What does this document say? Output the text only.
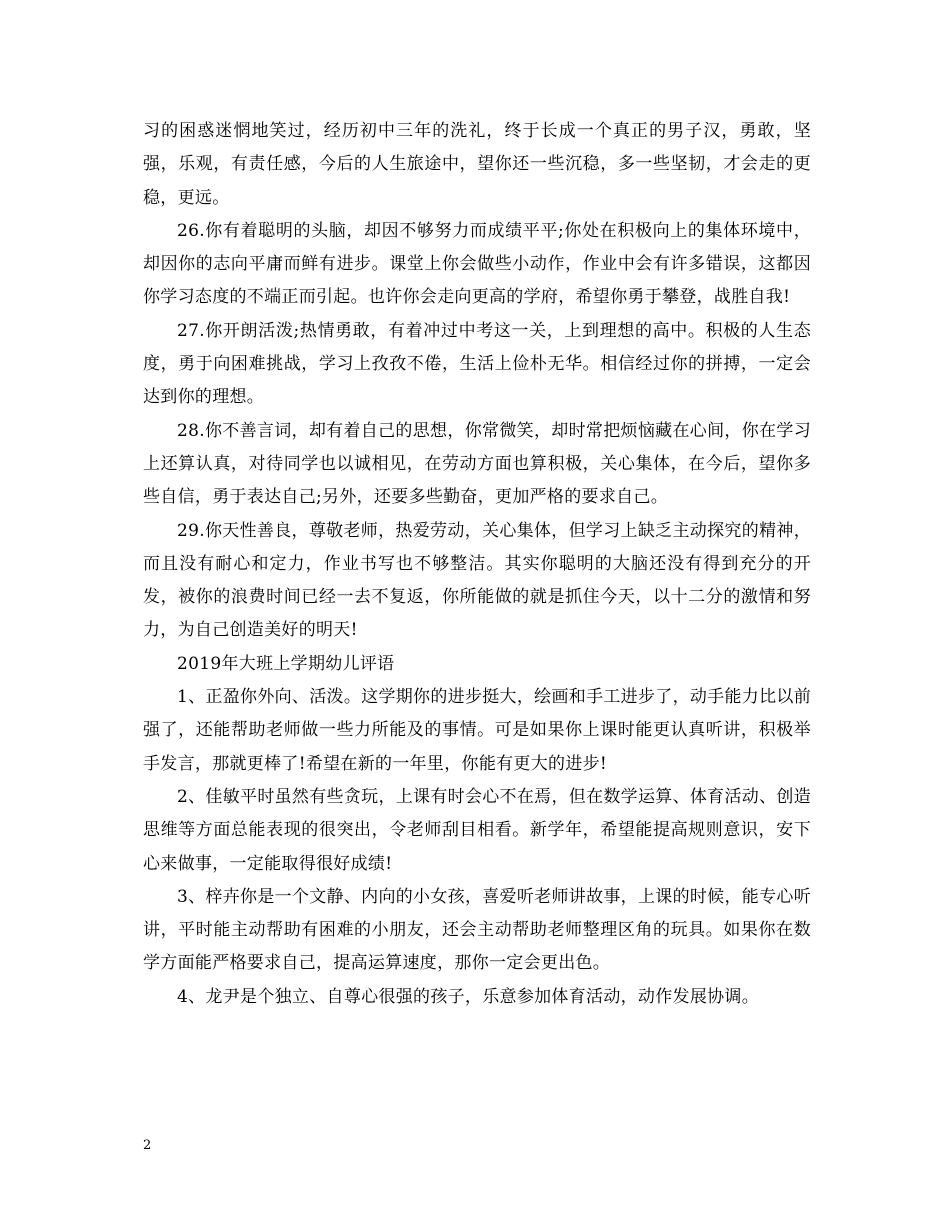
习的困惑迷惘地笑过，经历初中三年的洗礼，终于长成一个真正的男子汉，勇敢，坚强，乐观，有责任感，今后的人生旅途中，望你还一些沉稳，多一些坚韧，才会走的更稳，更远。

26.你有着聪明的头脑，却因不够努力而成绩平平;你处在积极向上的集体环境中，却因你的志向平庸而鲜有进步。课堂上你会做些小动作，作业中会有许多错误，这都因你学习态度的不端正而引起。也许你会走向更高的学府，希望你勇于攀登，战胜自我!

27.你开朗活泼;热情勇敢，有着冲过中考这一关，上到理想的高中。积极的人生态度，勇于向困难挑战，学习上孜孜不倦，生活上俭朴无华。相信经过你的拼搏，一定会达到你的理想。

28.你不善言词，却有着自己的思想，你常微笑，却时常把烦恼藏在心间，你在学习上还算认真，对待同学也以诚相见，在劳动方面也算积极，关心集体，在今后，望你多些自信，勇于表达自己;另外，还要多些勤奋，更加严格的要求自己。

29.你天性善良，尊敬老师，热爱劳动，关心集体，但学习上缺乏主动探究的精神，而且没有耐心和定力，作业书写也不够整洁。其实你聪明的大脑还没有得到充分的开发，被你的浪费时间已经一去不复返，你所能做的就是抓住今天，以十二分的激情和努力，为自己创造美好的明天!

2019年大班上学期幼儿评语

1、正盈你外向、活泼。这学期你的进步挺大，绘画和手工进步了，动手能力比以前强了，还能帮助老师做一些力所能及的事情。可是如果你上课时能更认真听讲，积极举手发言，那就更棒了!希望在新的一年里，你能有更大的进步!

2、佳敏平时虽然有些贪玩，上课有时会心不在焉，但在数学运算、体育活动、创造思维等方面总能表现的很突出，令老师刮目相看。新学年，希望能提高规则意识，安下心来做事，一定能取得很好成绩!

3、梓卉你是一个文静、内向的小女孩，喜爱听老师讲故事，上课的时候，能专心听讲，平时能主动帮助有困难的小朋友，还会主动帮助老师整理区角的玩具。如果你在数学方面能严格要求自己，提高运算速度，那你一定会更出色。

4、龙尹是个独立、自尊心很强的孩子，乐意参加体育活动，动作发展协调。

2
